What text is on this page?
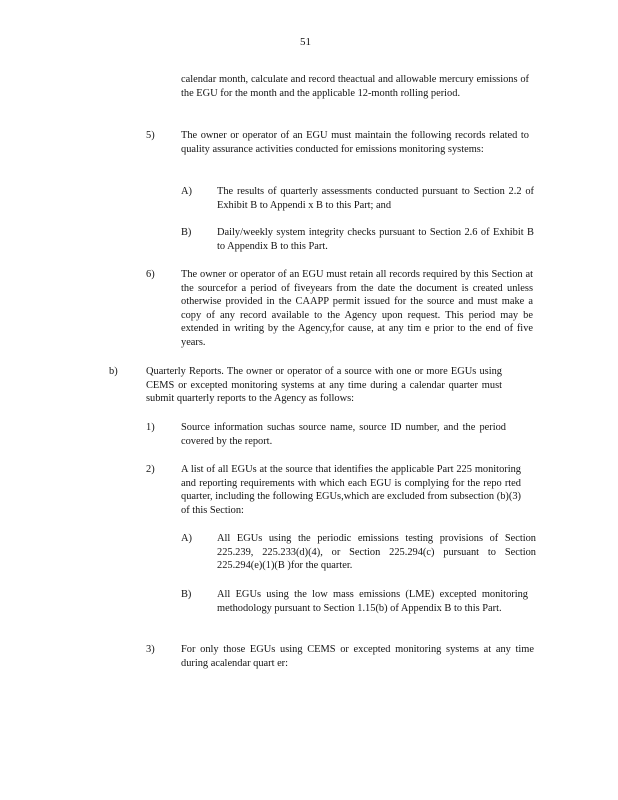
51
calendar month, calculate and record theactual and allowable mercury emissions of the EGU for the month and the applicable 12-month rolling period.
5)	The owner or operator of an EGU must maintain the following records related to quality assurance activities conducted for emissions monitoring systems:
A) The results of quarterly assessments conducted pursuant to Section 2.2 of Exhibit B to Appendi x B to this Part; and
B) Daily/weekly system integrity checks pursuant to Section 2.6 of Exhibit B to Appendix B to this Part.
6)	The owner or operator of an EGU must retain all records required by this Section at the sourcefor a period of fiveyears from the date the document is created unless otherwise provided in the CAAPP permit issued for the source and must make a copy of any record available to the Agency upon request. This period may be extended in writing by the Agency,for cause, at any tim e prior to the end of five years.
b)	Quarterly Reports. The owner or operator of a source with one or more EGUs using CEMS or excepted monitoring systems at any time during a calendar quarter must submit quarterly reports to the Agency as follows:
1)	Source information suchas source name, source ID number, and the period covered by the report.
2)	A list of all EGUs at the source that identifies the applicable Part 225 monitoring and reporting requirements with which each EGU is complying for the repo rted quarter, including the following EGUs,which are excluded from subsection (b)(3) of this Section:
A) All EGUs using the periodic emissions testing provisions of Section 225.239, 225.233(d)(4), or Section 225.294(c) pursuant to Section 225.294(e)(1)(B )for the quarter.
B) All EGUs using the low mass emissions (LME) excepted monitoring methodology pursuant to Section 1.15(b) of Appendix B to this Part.
3)	For only those EGUs using CEMS or excepted monitoring systems at any time during acalendar quart er:
